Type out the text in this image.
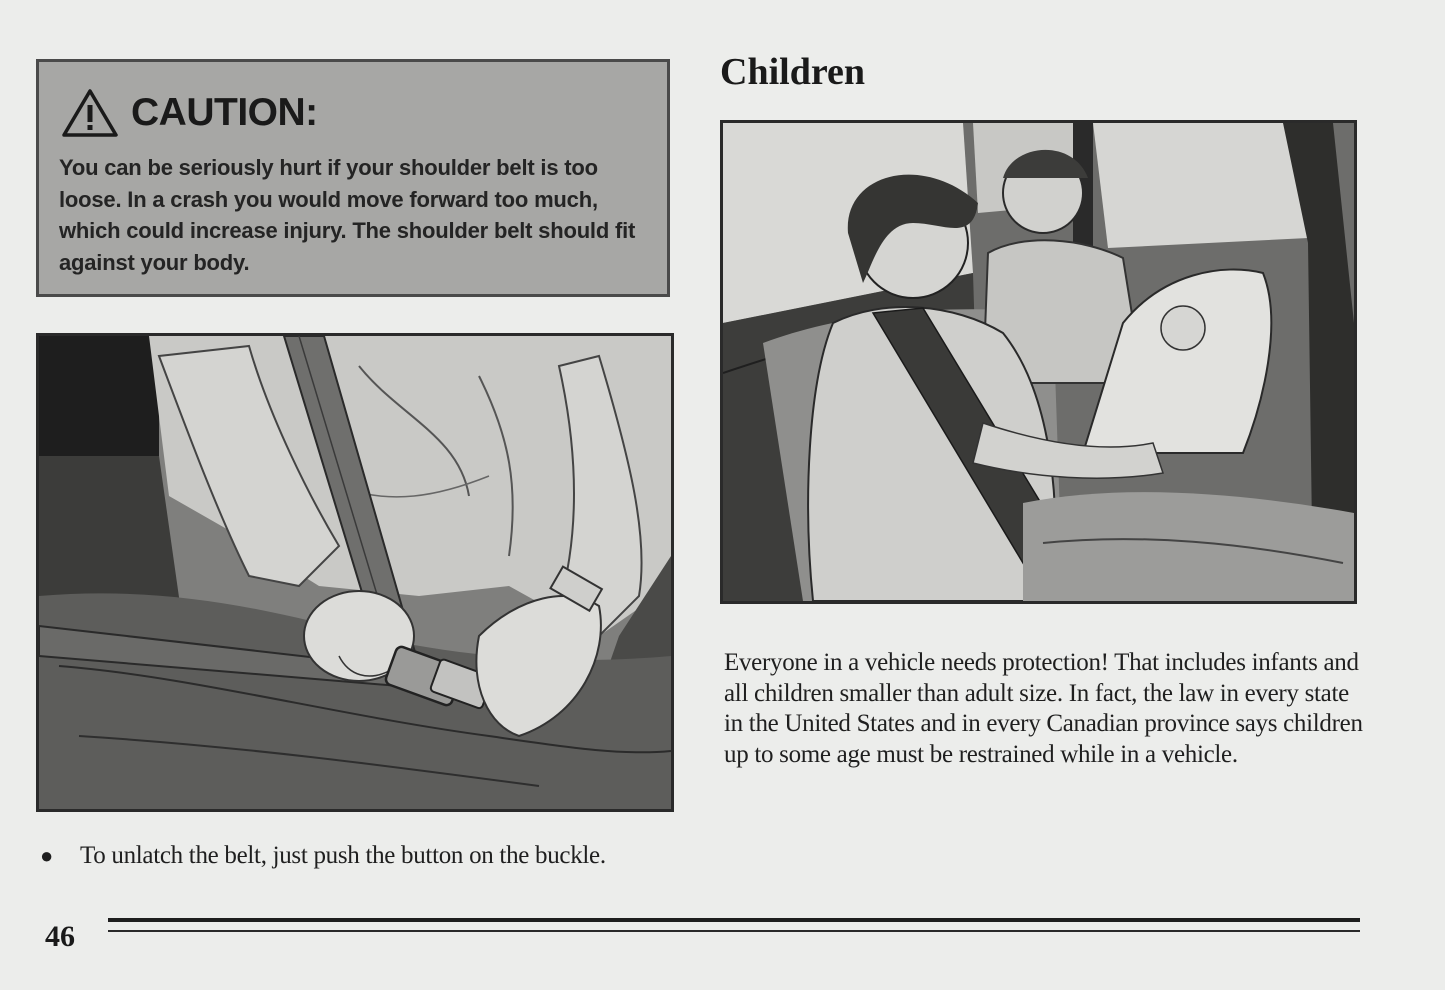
CAUTION:
You can be seriously hurt if your shoulder belt is too loose. In a crash you would move forward too much, which could increase injury. The shoulder belt should fit against your body.
Children

Everyone in a vehicle needs protection! That includes infants and all children smaller than adult size. In fact, the law in every state in the United States and in every Canadian province says children up to some age must be restrained while in a vehicle.

●	To unlatch the belt, just push the button on the buckle.
46
